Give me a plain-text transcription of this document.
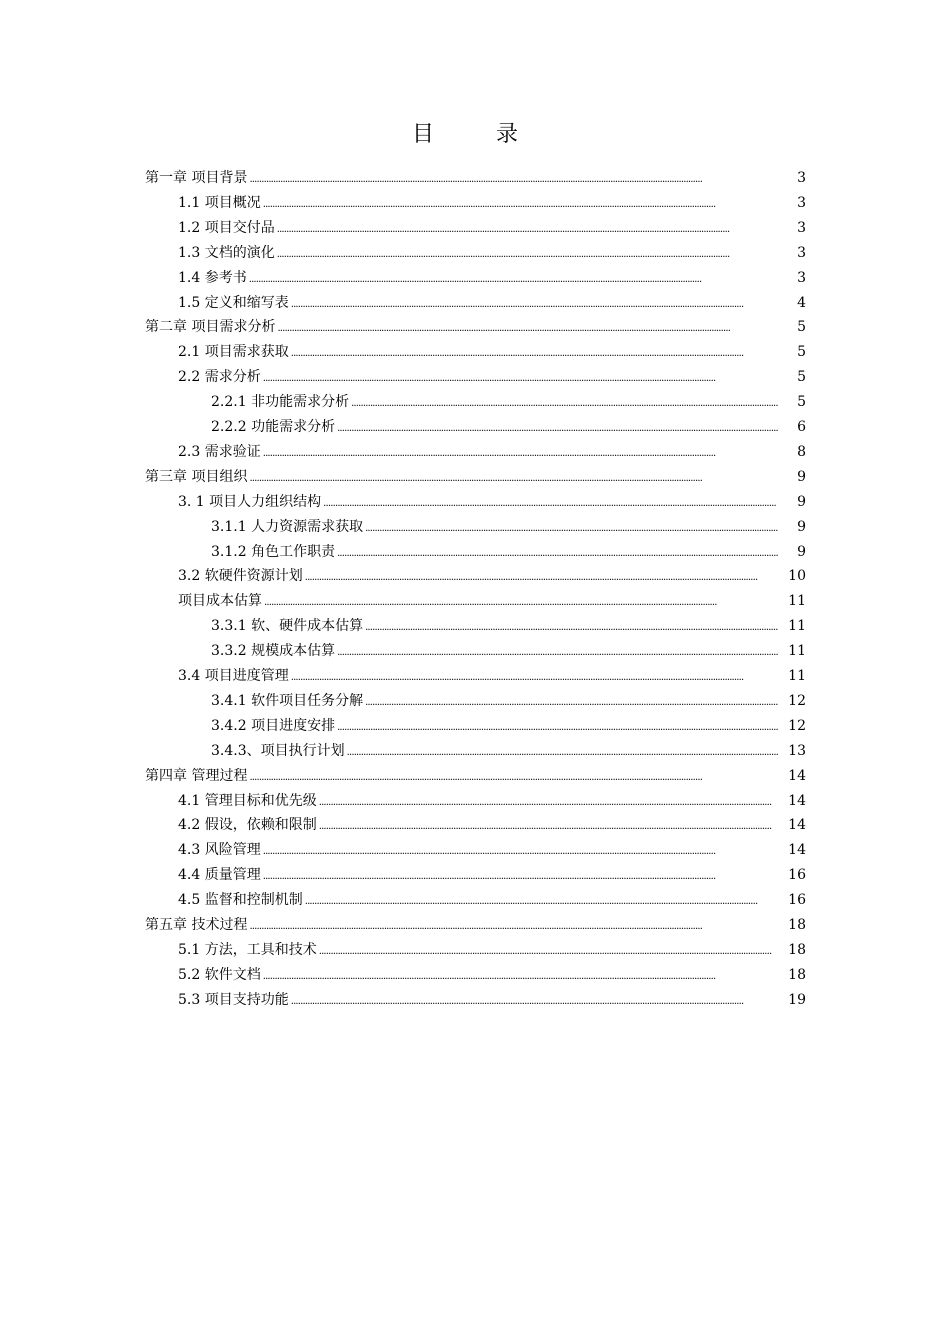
目　录
第一章 项目背景 . . .	3
1.1 项目概况 . . .	3
1.2 项目交付品 . . .	3
1.3 文档的演化 . . .	3
1.4 参考书 . . .	3
1.5 定义和缩写表 . . .	4
第二章 项目需求分析 . . .	5
2.1 项目需求获取 . . .	5
2.2 需求分析 . . .	5
2.2.1 非功能需求分析 . . .	5
2.2.2 功能需求分析 . . .	6
2.3 需求验证 . . .	8
第三章 项目组织 . . .	9
3. 1 项目人力组织结构 . . .	9
3.1.1 人力资源需求获取 . . .	9
3.1.2 角色工作职责 . . .	9
3.2 软硬件资源计划 . . .	10
项目成本估算 . . .	11
3.3.1 软、硬件成本估算 . . .	11
3.3.2 规模成本估算 . . .	11
3.4 项目进度管理 . . .	11
3.4.1 软件项目任务分解 . . .	12
3.4.2 项目进度安排 . . .	12
3.4.3、项目执行计划 . . .	13
第四章 管理过程 . . .	14
4.1 管理目标和优先级 . . .	14
4.2 假设，依赖和限制 . . .	14
4.3 风险管理 . . .	14
4.4 质量管理 . . .	16
4.5 监督和控制机制 . . .	16
第五章 技术过程 . . .	18
5.1 方法，工具和技术 . . .	18
5.2 软件文档 . . .	18
5.3 项目支持功能 . . .	19
